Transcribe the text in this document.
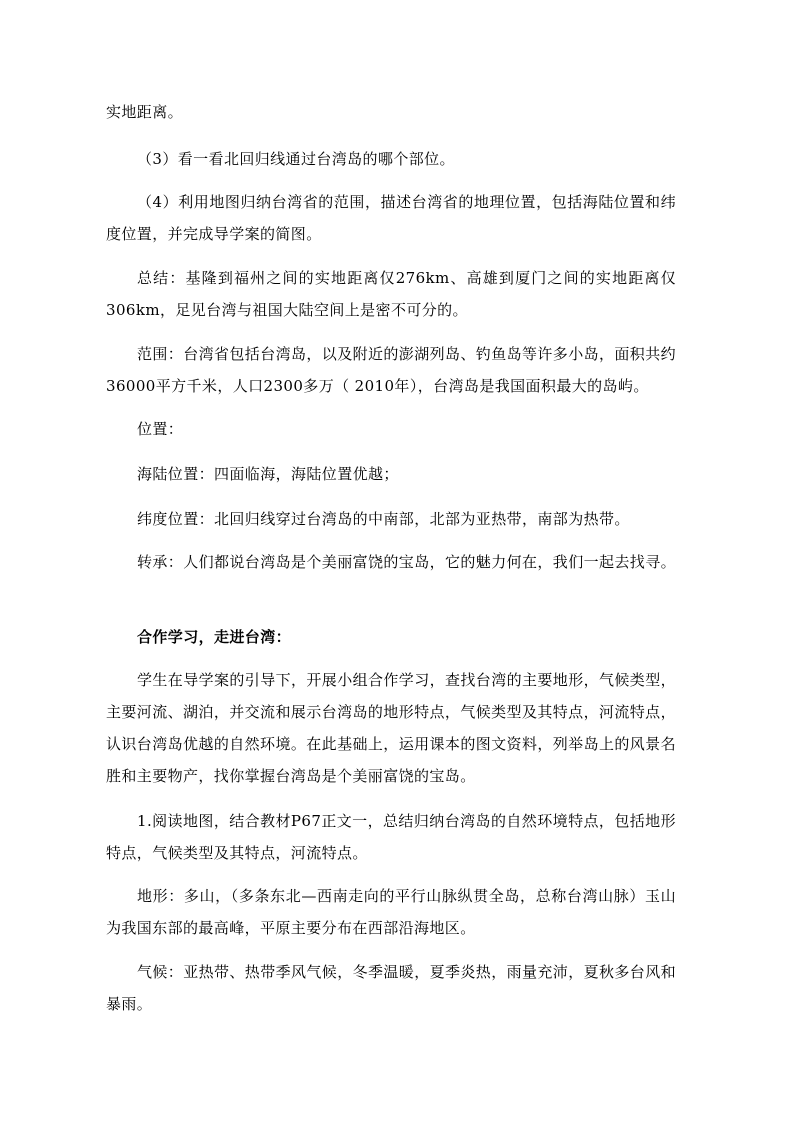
实地距离。

（3）看一看北回归线通过台湾岛的哪个部位。

（4）利用地图归纳台湾省的范围，描述台湾省的地理位置，包括海陆位置和纬度位置，并完成导学案的简图。

总结：基隆到福州之间的实地距离仅276km、高雄到厦门之间的实地距离仅306km，足见台湾与祖国大陆空间上是密不可分的。

范围：台湾省包括台湾岛，以及附近的澎湖列岛、钓鱼岛等许多小岛，面积共约36000平方千米，人口2300多万（ 2010年），台湾岛是我国面积最大的岛屿。

位置：

海陆位置：四面临海，海陆位置优越；

纬度位置：北回归线穿过台湾岛的中南部，北部为亚热带，南部为热带。

转承：人们都说台湾岛是个美丽富饶的宝岛，它的魅力何在，我们一起去找寻。

合作学习，走进台湾：

学生在导学案的引导下，开展小组合作学习，查找台湾的主要地形，气候类型，主要河流、湖泊，并交流和展示台湾岛的地形特点，气候类型及其特点，河流特点，认识台湾岛优越的自然环境。在此基础上，运用课本的图文资料，列举岛上的风景名胜和主要物产，找你掌握台湾岛是个美丽富饶的宝岛。

1.阅读地图，结合教材P67正文一，总结归纳台湾岛的自然环境特点，包括地形特点，气候类型及其特点，河流特点。

地形：多山，（多条东北—西南走向的平行山脉纵贯全岛，总称台湾山脉）玉山为我国东部的最高峰，平原主要分布在西部沿海地区。

气候：亚热带、热带季风气候，冬季温暖，夏季炎热，雨量充沛，夏秋多台风和暴雨。
